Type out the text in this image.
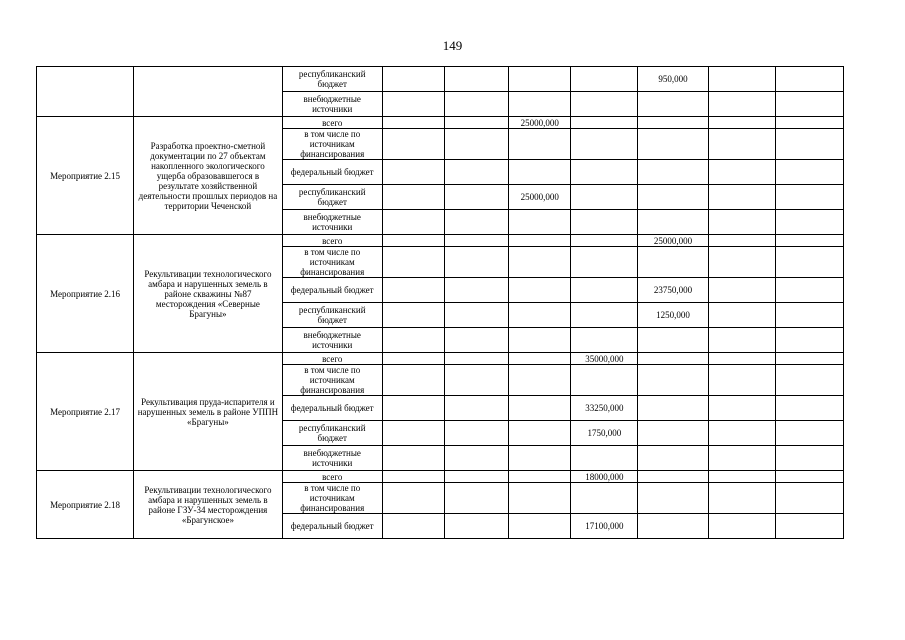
149
		республиканский бюджет					950,000		
		внебюджетные источники							
Мероприятие 2.15	Разработка проектно-сметной документации по 27 объектам накопленного экологического ущерба образовавшегося в результате хозяйственной деятельности прошлых периодов на территории Чеченской	всего			25000,000				
		в том числе по источникам финансирования							
		федеральный бюджет							
		республиканский бюджет			25000,000				
		внебюджетные источники							
Мероприятие 2.16	Рекультивации технологического амбара и нарушенных земель в районе скважины №87 месторождения «Северные Брагуны»	всего					25000,000		
		в том числе по источникам финансирования							
		федеральный бюджет					23750,000		
		республиканский бюджет					1250,000		
		внебюджетные источники							
Мероприятие 2.17	Рекультивация пруда-испарителя и нарушенных земель в районе УППН «Брагуны»	всего				35000,000			
		в том числе по источникам финансирования							
		федеральный бюджет				33250,000			
		республиканский бюджет				1750,000			
		внебюджетные источники							
Мероприятие 2.18	Рекультивации технологического амбара и нарушенных земель в районе ГЗУ-34 месторождения «Брагунское»	всего				18000,000			
		в том числе по источникам финансирования							
		федеральный бюджет				17100,000			
